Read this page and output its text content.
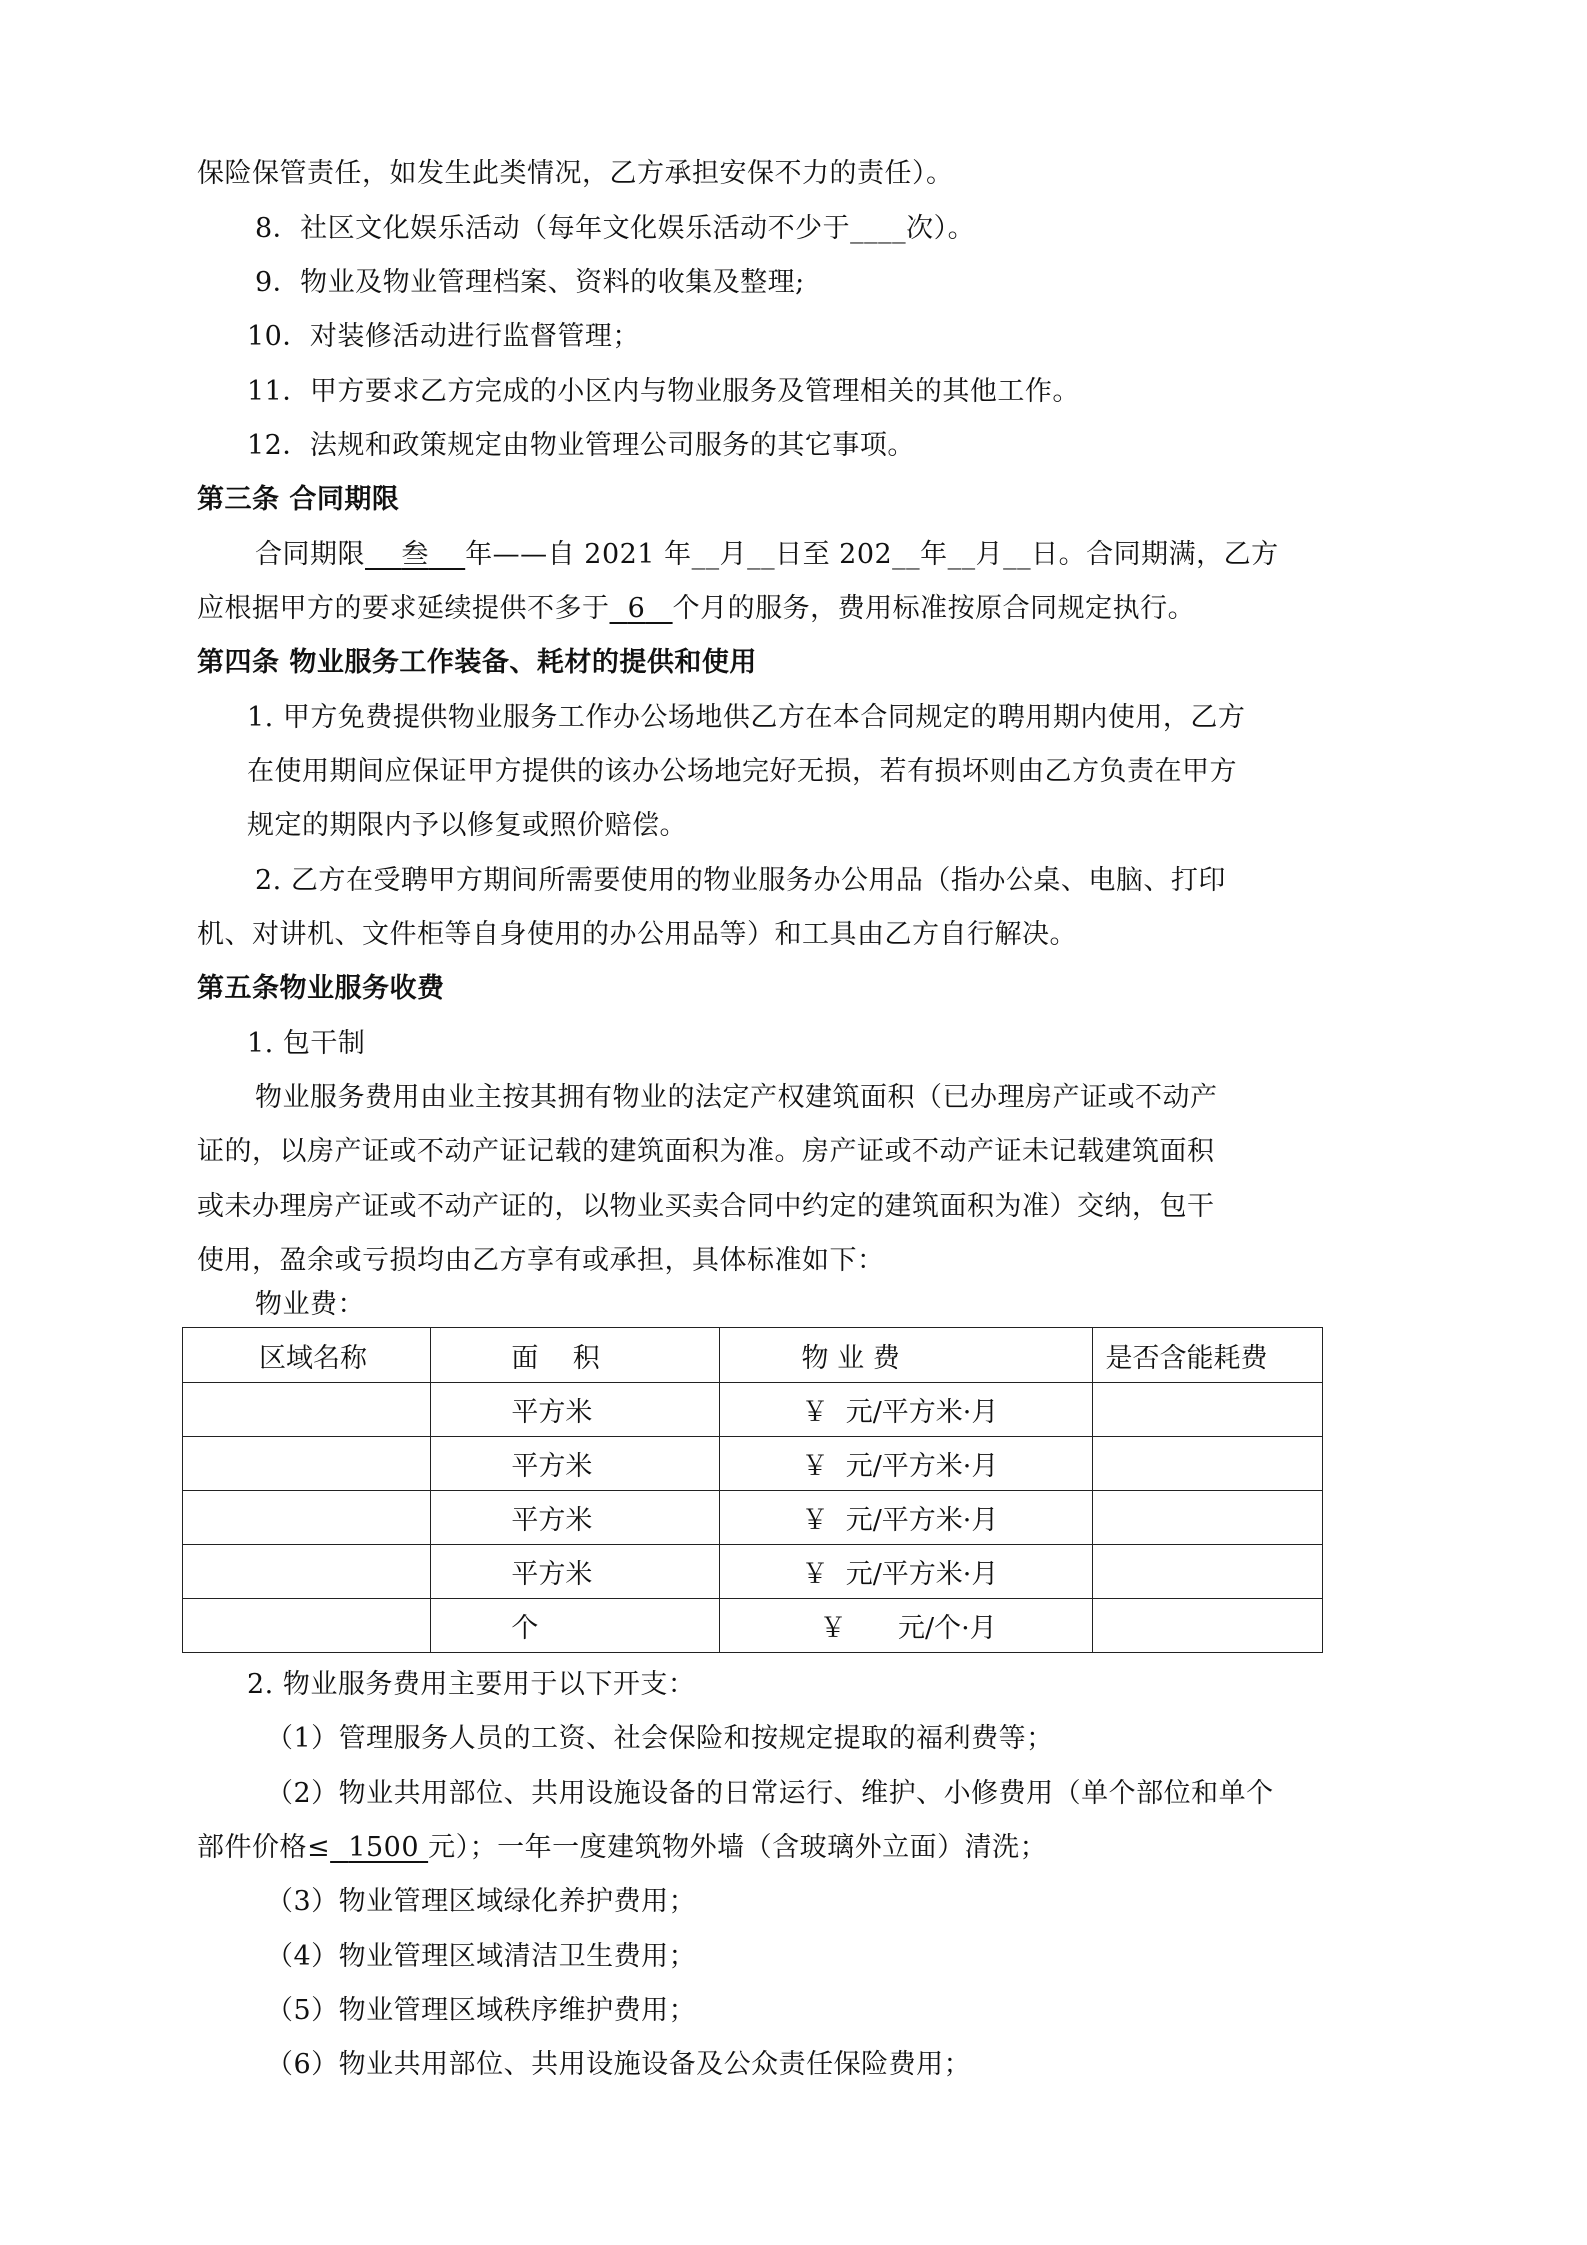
保险保管责任，如发生此类情况，乙方承担安保不力的责任）。
8．社区文化娱乐活动（每年文化娱乐活动不少于____次）。
9．物业及物业管理档案、资料的收集及整理;
10．对装修活动进行监督管理；
11．甲方要求乙方完成的小区内与物业服务及管理相关的其他工作。
12．法规和政策规定由物业管理公司服务的其它事项。
第三条 合同期限
合同期限 叁 年——自 2021 年__月__日至 202__年__月__日。合同期满，乙方
应根据甲方的要求延续提供不多于 6 个月的服务，费用标准按原合同规定执行。
第四条 物业服务工作装备、耗材的提供和使用
1. 甲方免费提供物业服务工作办公场地供乙方在本合同规定的聘用期内使用，乙方
在使用期间应保证甲方提供的该办公场地完好无损，若有损坏则由乙方负责在甲方
规定的期限内予以修复或照价赔偿。
2. 乙方在受聘甲方期间所需要使用的物业服务办公用品（指办公桌、电脑、打印
机、对讲机、文件柜等自身使用的办公用品等）和工具由乙方自行解决。
第五条物业服务收费
1. 包干制
物业服务费用由业主按其拥有物业的法定产权建筑面积（已办理房产证或不动产
证的，以房产证或不动产证记载的建筑面积为准。房产证或不动产证未记载建筑面积
或未办理房产证或不动产证的，以物业买卖合同中约定的建筑面积为准）交纳，包干
使用，盈余或亏损均由乙方享有或承担，具体标准如下：
物业费：
区域名称	面    积	物 业 费	是否含能耗费
	平方米	￥  元/平方米·月	
	平方米	￥  元/平方米·月	
	平方米	￥  元/平方米·月	
	平方米	￥  元/平方米·月	
	个	￥      元/个·月	
2. 物业服务费用主要用于以下开支：
（1）管理服务人员的工资、社会保险和按规定提取的福利费等；
（2）物业共用部位、共用设施设备的日常运行、维护、小修费用（单个部位和单个
部件价格≤ 1500 元）；一年一度建筑物外墙（含玻璃外立面）清洗；
（3）物业管理区域绿化养护费用；
（4）物业管理区域清洁卫生费用；
（5）物业管理区域秩序维护费用；
（6）物业共用部位、共用设施设备及公众责任保险费用；
